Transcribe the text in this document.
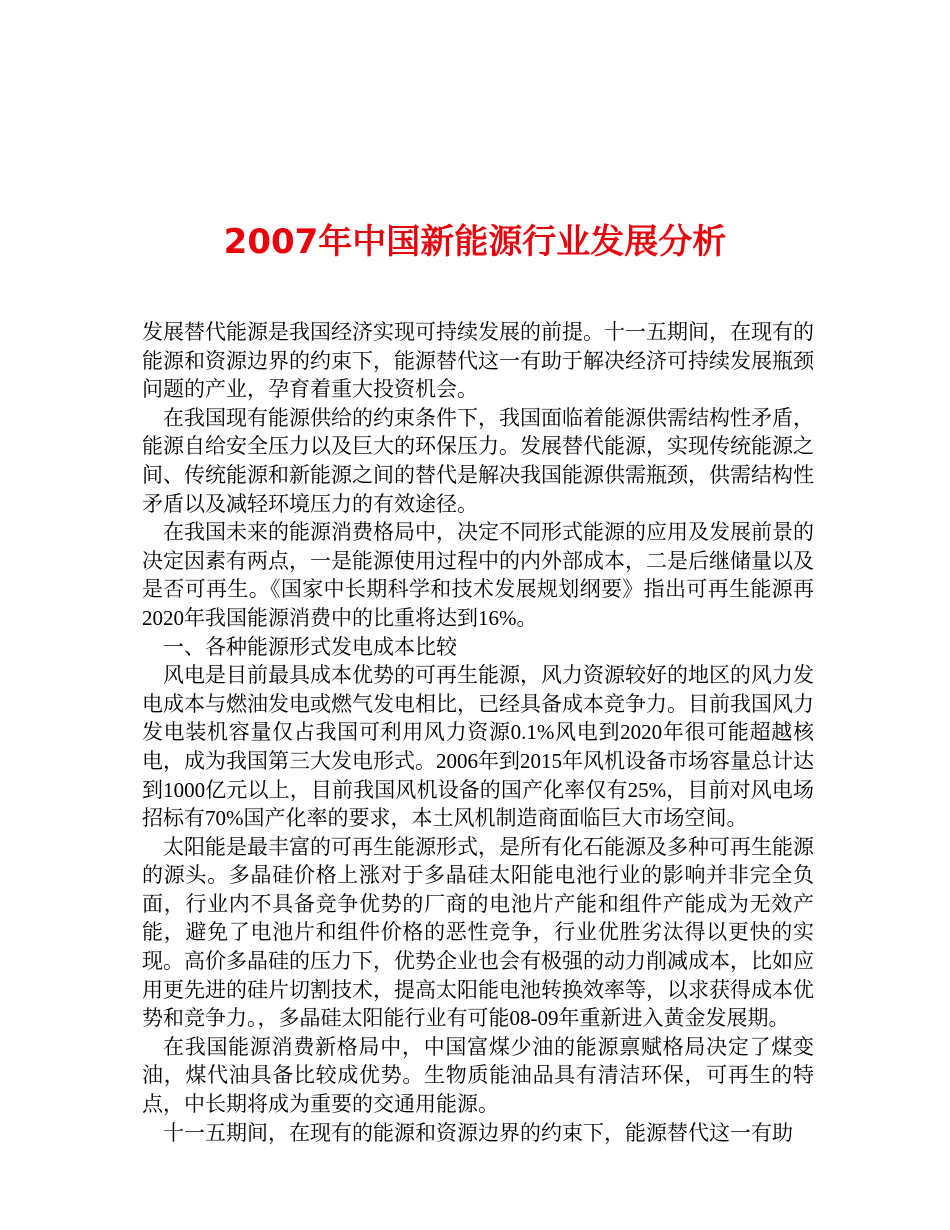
2007年中国新能源行业发展分析

发展替代能源是我国经济实现可持续发展的前提。十一五期间，在现有的能源和资源边界的约束下，能源替代这一有助于解决经济可持续发展瓶颈问题的产业，孕育着重大投资机会。

在我国现有能源供给的约束条件下，我国面临着能源供需结构性矛盾，能源自给安全压力以及巨大的环保压力。发展替代能源，实现传统能源之间、传统能源和新能源之间的替代是解决我国能源供需瓶颈，供需结构性矛盾以及减轻环境压力的有效途径。

在我国未来的能源消费格局中，决定不同形式能源的应用及发展前景的决定因素有两点，一是能源使用过程中的内外部成本，二是后继储量以及是否可再生。《国家中长期科学和技术发展规划纲要》指出可再生能源再2020年我国能源消费中的比重将达到16%。

一、各种能源形式发电成本比较

风电是目前最具成本优势的可再生能源，风力资源较好的地区的风力发电成本与燃油发电或燃气发电相比，已经具备成本竞争力。目前我国风力发电装机容量仅占我国可利用风力资源0.1%风电到2020年很可能超越核电，成为我国第三大发电形式。2006年到2015年风机设备市场容量总计达到1000亿元以上，目前我国风机设备的国产化率仅有25%，目前对风电场招标有70%国产化率的要求，本土风机制造商面临巨大市场空间。

太阳能是最丰富的可再生能源形式，是所有化石能源及多种可再生能源的源头。多晶硅价格上涨对于多晶硅太阳能电池行业的影响并非完全负面，行业内不具备竞争优势的厂商的电池片产能和组件产能成为无效产能，避免了电池片和组件价格的恶性竞争，行业优胜劣汰得以更快的实现。高价多晶硅的压力下，优势企业也会有极强的动力削减成本，比如应用更先进的硅片切割技术，提高太阳能电池转换效率等，以求获得成本优势和竞争力。，多晶硅太阳能行业有可能08-09年重新进入黄金发展期。

在我国能源消费新格局中，中国富煤少油的能源禀赋格局决定了煤变油，煤代油具备比较成优势。生物质能油品具有清洁环保，可再生的特点，中长期将成为重要的交通用能源。

十一五期间，在现有的能源和资源边界的约束下，能源替代这一有助
